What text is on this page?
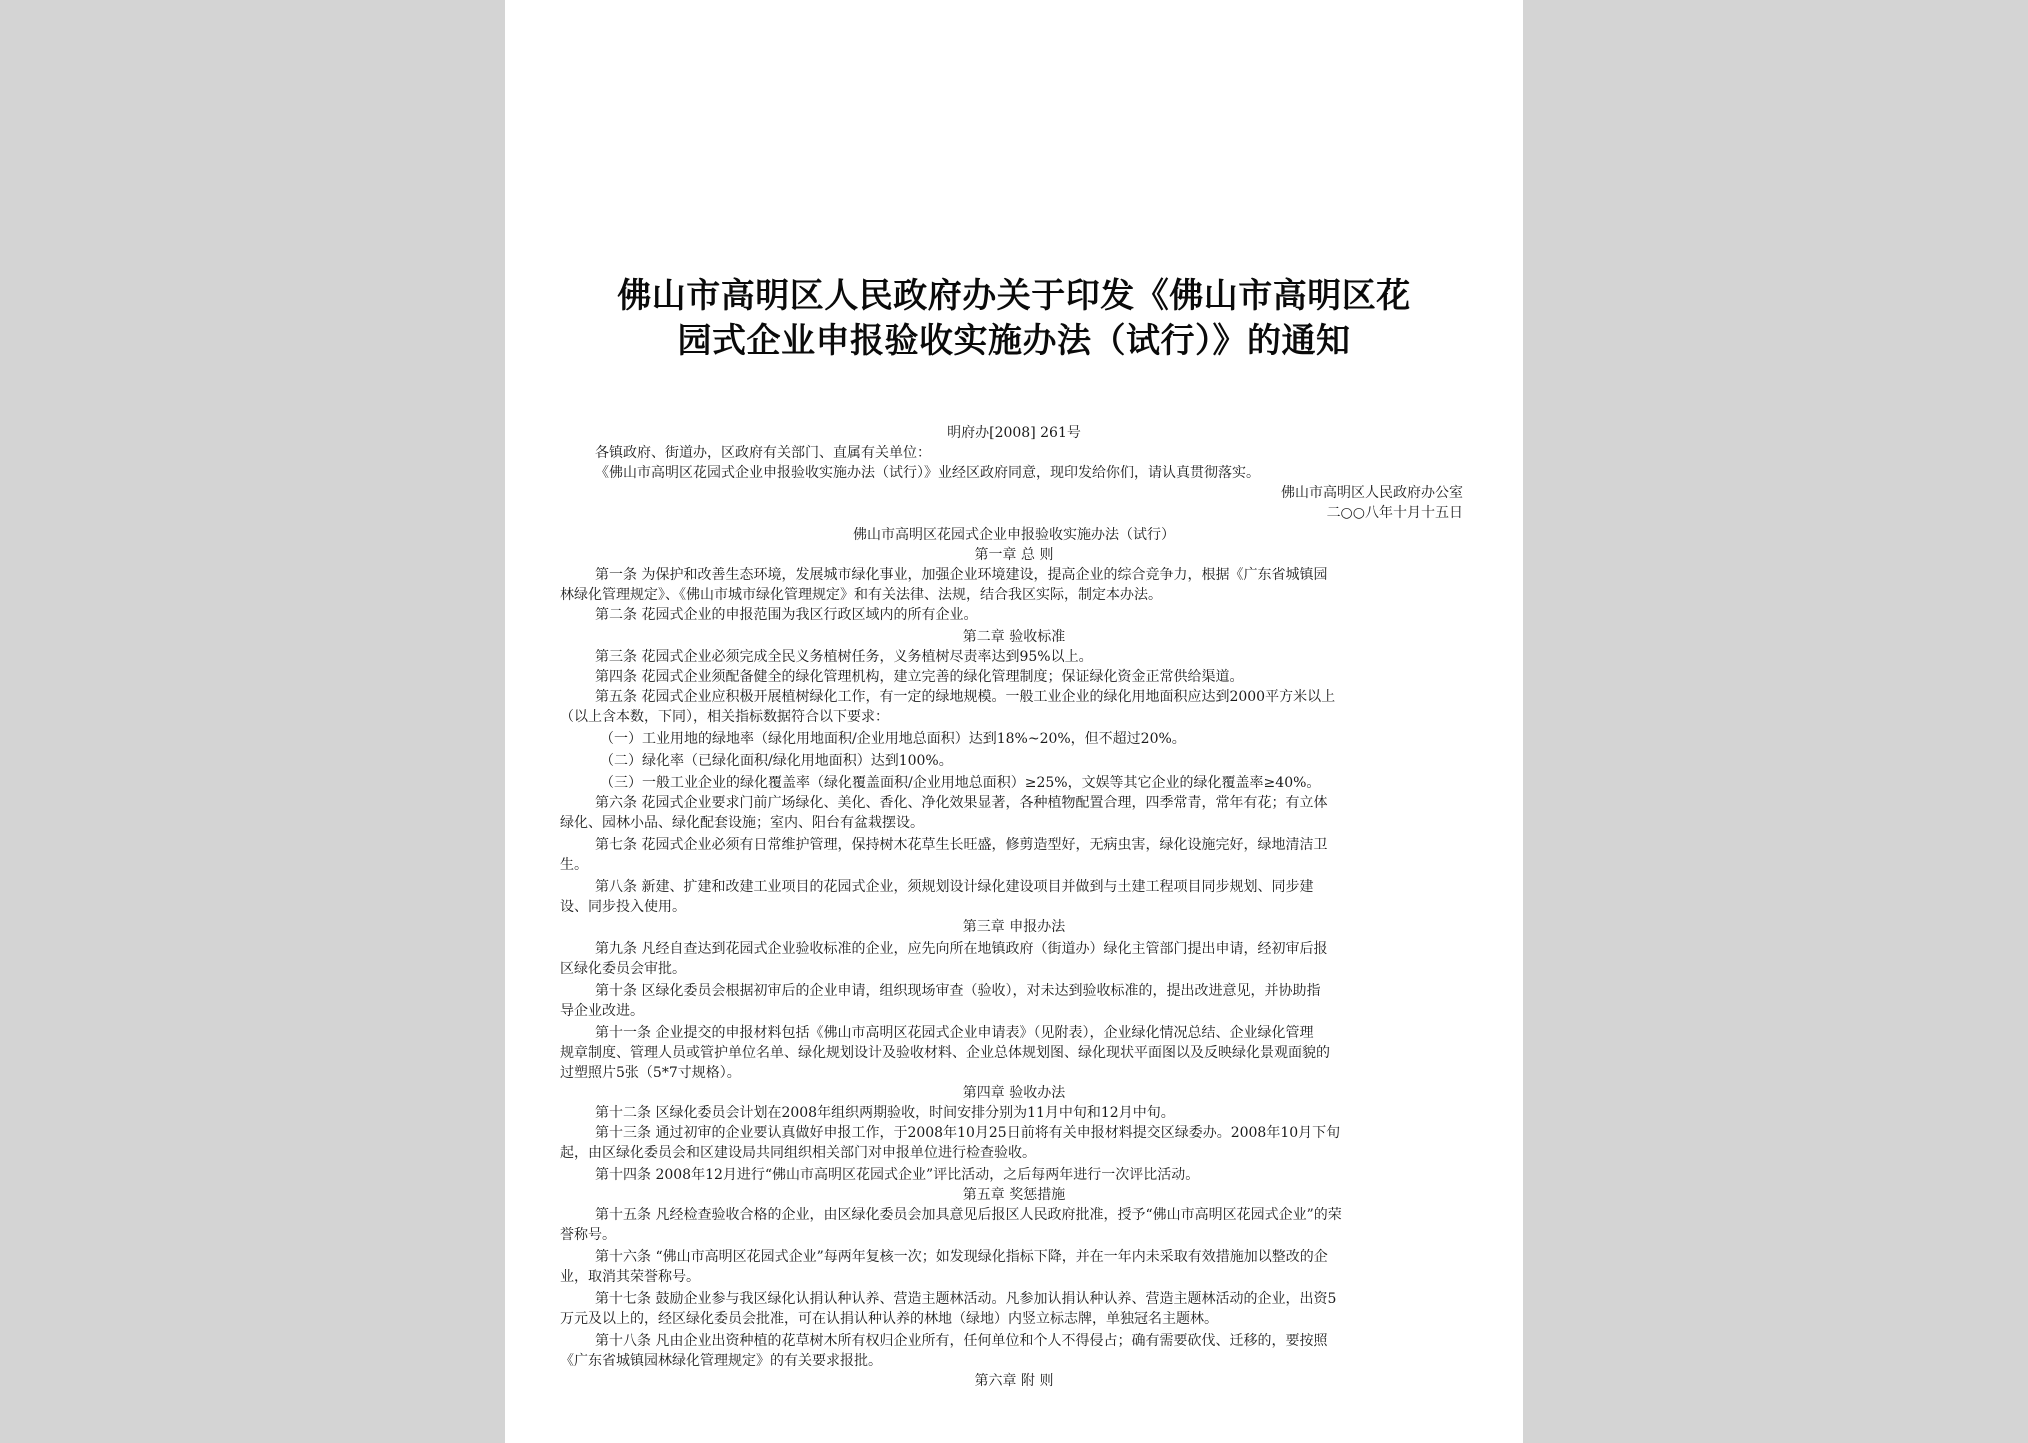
佛山市高明区人民政府办关于印发《佛山市高明区花
园式企业申报验收实施办法（试行）》的通知
明府办[2008] 261号
各镇政府、街道办，区政府有关部门、直属有关单位：
《佛山市高明区花园式企业申报验收实施办法（试行）》业经区政府同意，现印发给你们，请认真贯彻落实。
佛山市高明区人民政府办公室
二○○八年十月十五日
佛山市高明区花园式企业申报验收实施办法（试行）
第一章 总 则
第一条 为保护和改善生态环境，发展城市绿化事业，加强企业环境建设，提高企业的综合竞争力，根据《广东省城镇园
林绿化管理规定》、《佛山市城市绿化管理规定》和有关法律、法规，结合我区实际，制定本办法。
第二条 花园式企业的申报范围为我区行政区域内的所有企业。
第二章 验收标准
第三条 花园式企业必须完成全民义务植树任务，义务植树尽责率达到95%以上。
第四条 花园式企业须配备健全的绿化管理机构，建立完善的绿化管理制度；保证绿化资金正常供给渠道。
第五条 花园式企业应积极开展植树绿化工作，有一定的绿地规模。一般工业企业的绿化用地面积应达到2000平方米以上
（以上含本数，下同），相关指标数据符合以下要求：
（一）工业用地的绿地率（绿化用地面积/企业用地总面积）达到18%~20%，但不超过20%。
（二）绿化率（已绿化面积/绿化用地面积）达到100%。
（三）一般工业企业的绿化覆盖率（绿化覆盖面积/企业用地总面积）≥25%，文娱等其它企业的绿化覆盖率≥40%。
第六条 花园式企业要求门前广场绿化、美化、香化、净化效果显著，各种植物配置合理，四季常青，常年有花；有立体
绿化、园林小品、绿化配套设施；室内、阳台有盆栽摆设。
第七条 花园式企业必须有日常维护管理，保持树木花草生长旺盛，修剪造型好，无病虫害，绿化设施完好，绿地清洁卫
生。
第八条 新建、扩建和改建工业项目的花园式企业，须规划设计绿化建设项目并做到与土建工程项目同步规划、同步建
设、同步投入使用。
第三章 申报办法
第九条 凡经自查达到花园式企业验收标准的企业，应先向所在地镇政府（街道办）绿化主管部门提出申请，经初审后报
区绿化委员会审批。
第十条 区绿化委员会根据初审后的企业申请，组织现场审查（验收），对未达到验收标准的，提出改进意见，并协助指
导企业改进。
第十一条 企业提交的申报材料包括《佛山市高明区花园式企业申请表》（见附表），企业绿化情况总结、企业绿化管理
规章制度、管理人员或管护单位名单、绿化规划设计及验收材料、企业总体规划图、绿化现状平面图以及反映绿化景观面貌的
过塑照片5张（5*7寸规格）。
第四章 验收办法
第十二条 区绿化委员会计划在2008年组织两期验收，时间安排分别为11月中旬和12月中旬。
第十三条 通过初审的企业要认真做好申报工作，于2008年10月25日前将有关申报材料提交区绿委办。2008年10月下旬
起，由区绿化委员会和区建设局共同组织相关部门对申报单位进行检查验收。
第十四条 2008年12月进行“佛山市高明区花园式企业”评比活动，之后每两年进行一次评比活动。
第五章 奖惩措施
第十五条 凡经检查验收合格的企业，由区绿化委员会加具意见后报区人民政府批准，授予“佛山市高明区花园式企业”的荣
誉称号。
第十六条 “佛山市高明区花园式企业”每两年复核一次；如发现绿化指标下降，并在一年内未采取有效措施加以整改的企
业，取消其荣誉称号。
第十七条 鼓励企业参与我区绿化认捐认种认养、营造主题林活动。凡参加认捐认种认养、营造主题林活动的企业，出资5
万元及以上的，经区绿化委员会批准，可在认捐认种认养的林地（绿地）内竖立标志牌，单独冠名主题林。
第十八条 凡由企业出资种植的花草树木所有权归企业所有，任何单位和个人不得侵占；确有需要砍伐、迁移的，要按照
《广东省城镇园林绿化管理规定》的有关要求报批。
第六章 附 则
